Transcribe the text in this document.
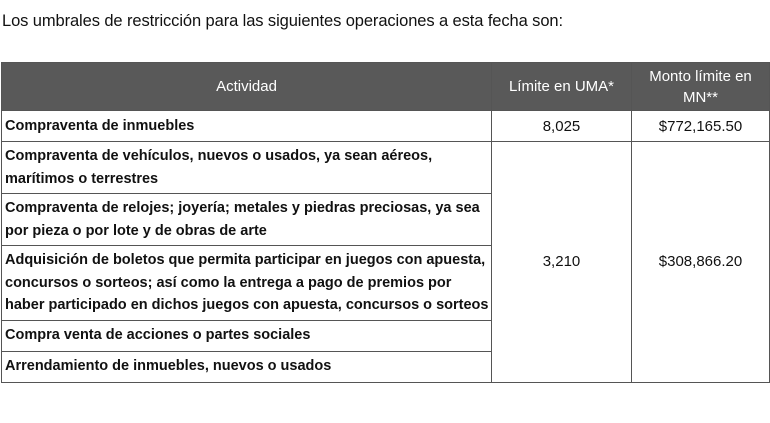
Los umbrales de restricción para las siguientes operaciones a esta fecha son:
Actividad	Límite en UMA*	Monto límite en MN**
Compraventa de inmuebles	8,025	$772,165.50
Compraventa de vehículos, nuevos o usados, ya sean aéreos, marítimos o terrestres	3,210	$308,866.20
Compraventa de relojes; joyería; metales y piedras preciosas, ya sea por pieza o por lote y de obras de arte		
Adquisición de boletos que permita participar en juegos con apuesta, concursos o sorteos; así como la entrega a pago de premios por haber participado en dichos juegos con apuesta, concursos o sorteos		
Compra venta de acciones o partes sociales		
Arrendamiento de inmuebles, nuevos o usados		
